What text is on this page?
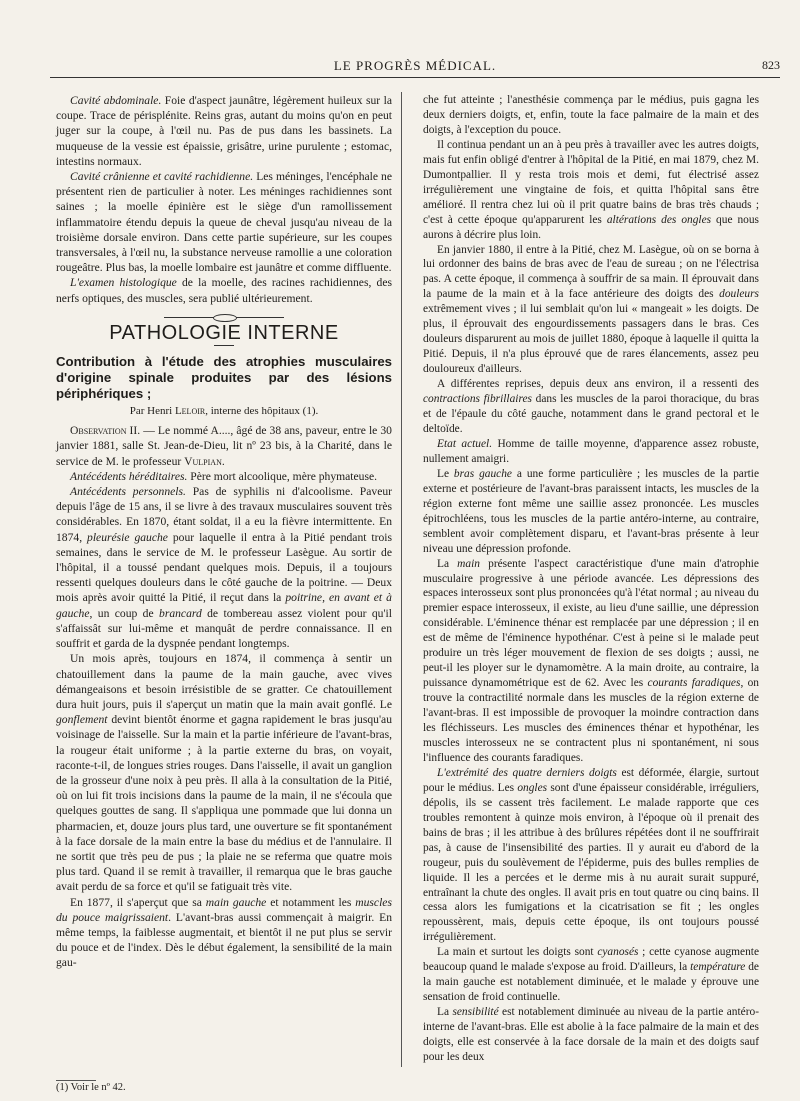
LE PROGRÈS MÉDICAL.	823

Cavité abdominale. Foie d'aspect jaunâtre, légèrement huileux sur la coupe. Trace de périsplénite. Reins gras, autant du moins qu'on en peut juger sur la coupe, à l'œil nu. Pas de pus dans les bassinets. La muqueuse de la vessie est épaissie, grisâtre, urine purulente ; estomac, intestins normaux.

Cavité crânienne et cavité rachidienne. Les méninges, l'encéphale ne présentent rien de particulier à noter. Les méninges rachidiennes sont saines ; la moelle épinière est le siège d'un ramollissement inflammatoire étendu depuis la queue de cheval jusqu'au niveau de la troisième dorsale environ. Dans cette partie supérieure, sur les coupes transversales, à l'œil nu, la substance nerveuse ramollie a une coloration rougeâtre. Plus bas, la moelle lombaire est jaunâtre et comme diffluente.

L'examen histologique de la moelle, des racines rachidiennes, des nerfs optiques, des muscles, sera publié ultérieurement.

PATHOLOGIE INTERNE
Contribution à l'étude des atrophies musculaires d'origine spinale produites par des lésions périphériques ;
Par Henri Leloir, interne des hôpitaux (1).

Observation II. — Le nommé A...., âgé de 38 ans, paveur, entre le 30 janvier 1881, salle St. Jean-de-Dieu, lit nº 23 bis, à la Charité, dans le service de M. le professeur Vulpian.

Antécédents héréditaires. Père mort alcoolique, mère phymateuse.

Antécédents personnels. Pas de syphilis ni d'alcoolisme. Paveur depuis l'âge de 15 ans, il se livre à des travaux musculaires souvent très considérables. En 1870, étant soldat, il a eu la fièvre intermittente. En 1874, pleurésie gauche pour laquelle il entra à la Pitié pendant trois semaines, dans le service de M. le professeur Lasègue. Au sortir de l'hôpital, il a toussé pendant quelques mois. Depuis, il a toujours ressenti quelques douleurs dans le côté gauche de la poitrine. — Deux mois après avoir quitté la Pitié, il reçut dans la poitrine, en avant et à gauche, un coup de brancard de tombereau assez violent pour qu'il s'affaissât sur lui-même et manquât de perdre connaissance. Il en souffrit et garda de la dyspnée pendant longtemps.

Un mois après, toujours en 1874, il commença à sentir un chatouillement dans la paume de la main gauche, avec vives démangeaisons et besoin irrésistible de se gratter. Ce chatouillement dura huit jours, puis il s'aperçut un matin que la main avait gonflé. Le gonflement devint bientôt énorme et gagna rapidement le bras jusqu'au voisinage de l'aisselle. Sur la main et la partie inférieure de l'avant-bras, la rougeur était uniforme ; à la partie externe du bras, on voyait, raconte-t-il, de longues stries rouges. Dans l'aisselle, il avait un ganglion de la grosseur d'une noix à peu près. Il alla à la consultation de la Pitié, où on lui fit trois incisions dans la paume de la main, il ne s'écoula que quelques gouttes de sang. Il s'appliqua une pommade que lui donna un pharmacien, et, douze jours plus tard, une ouverture se fit spontanément à la face dorsale de la main entre la base du médius et de l'annulaire. Il ne sortit que très peu de pus ; la plaie ne se referma que quatre mois plus tard. Quand il se remit à travailler, il remarqua que le bras gauche avait perdu de sa force et qu'il se fatiguait très vite.

En 1877, il s'aperçut que sa main gauche et notamment les muscles du pouce maigrissaient. L'avant-bras aussi commençait à maigrir. En même temps, la faiblesse augmentait, et bientôt il ne put plus se servir du pouce et de l'index. Dès le début également, la sensibilité de la main gau-

che fut atteinte ; l'anesthésie commença par le médius, puis gagna les deux derniers doigts, et, enfin, toute la face palmaire de la main et des doigts, à l'exception du pouce.

Il continua pendant un an à peu près à travailler avec les autres doigts, mais fut enfin obligé d'entrer à l'hôpital de la Pitié, en mai 1879, chez M. Dumontpallier. Il y resta trois mois et demi, fut électrisé assez irrégulièrement une vingtaine de fois, et quitta l'hôpital sans être amélioré. Il rentra chez lui où il prit quatre bains de bras très chauds ; c'est à cette époque qu'apparurent les altérations des ongles que nous aurons à décrire plus loin.

En janvier 1880, il entre à la Pitié, chez M. Lasègue, où on se borna à lui ordonner des bains de bras avec de l'eau de sureau ; on ne l'électrisa pas. A cette époque, il commença à souffrir de sa main. Il éprouvait dans la paume de la main et à la face antérieure des doigts des douleurs extrêmement vives ; il lui semblait qu'on lui « mangeait » les doigts. De plus, il éprouvait des engourdissements passagers dans le bras. Ces douleurs disparurent au mois de juillet 1880, époque à laquelle il quitta la Pitié. Depuis, il n'a plus éprouvé que de rares élancements, assez peu douloureux d'ailleurs.

A différentes reprises, depuis deux ans environ, il a ressenti des contractions fibrillaires dans les muscles de la paroi thoracique, du bras et de l'épaule du côté gauche, notamment dans le grand pectoral et le deltoïde.

Etat actuel. Homme de taille moyenne, d'apparence assez robuste, nullement amaigri.

Le bras gauche a une forme particulière ; les muscles de la partie externe et postérieure de l'avant-bras paraissent intacts, les muscles de la région externe font même une saillie assez prononcée. Les muscles épitrochléens, tous les muscles de la partie antéro-interne, au contraire, semblent avoir complètement disparu, et l'avant-bras présente à leur niveau une dépression profonde.

La main présente l'aspect caractéristique d'une main d'atrophie musculaire progressive à une période avancée. Les dépressions des espaces interosseux sont plus prononcées qu'à l'état normal ; au niveau du premier espace interosseux, il existe, au lieu d'une saillie, une dépression considérable. L'éminence thénar est remplacée par une dépression ; il en est de même de l'éminence hypothénar. C'est à peine si le malade peut produire un très léger mouvement de flexion de ses doigts ; aussi, ne peut-il les ployer sur le dynamomètre. A la main droite, au contraire, la puissance dynamométrique est de 62. Avec les courants faradiques, on trouve la contractilité normale dans les muscles de la région externe de l'avant-bras. Il est impossible de provoquer la moindre contraction dans les fléchisseurs. Les muscles des éminences thénar et hypothénar, les muscles interosseux ne se contractent plus ni spontanément, ni sous l'influence des courants faradiques.

L'extrémité des quatre derniers doigts est déformée, élargie, surtout pour le médius. Les ongles sont d'une épaisseur considérable, irréguliers, dépolis, ils se cassent très facilement. Le malade rapporte que ces troubles remontent à quinze mois environ, à l'époque où il prenait des bains de bras ; il les attribue à des brûlures répétées dont il ne souffrirait pas, à cause de l'insensibilité des parties. Il y aurait eu d'abord de la rougeur, puis du soulèvement de l'épiderme, puis des bulles remplies de liquide. Il les a percées et le derme mis à nu aurait surait suppuré, entraînant la chute des ongles. Il avait pris en tout quatre ou cinq bains. Il cessa alors les fumigations et la cicatrisation se fit ; les ongles repoussèrent, mais, depuis cette époque, ils ont toujours poussé irrégulièrement.

La main et surtout les doigts sont cyanosés ; cette cyanose augmente beaucoup quand le malade s'expose au froid. D'ailleurs, la température de la main gauche est notablement diminuée, et le malade y éprouve une sensation de froid continuelle.

La sensibilité est notablement diminuée au niveau de la partie antéro-interne de l'avant-bras. Elle est abolie à la face palmaire de la main et des doigts, elle est conservée à la face dorsale de la main et des doigts sauf pour les deux

(1) Voir le nº 42.
